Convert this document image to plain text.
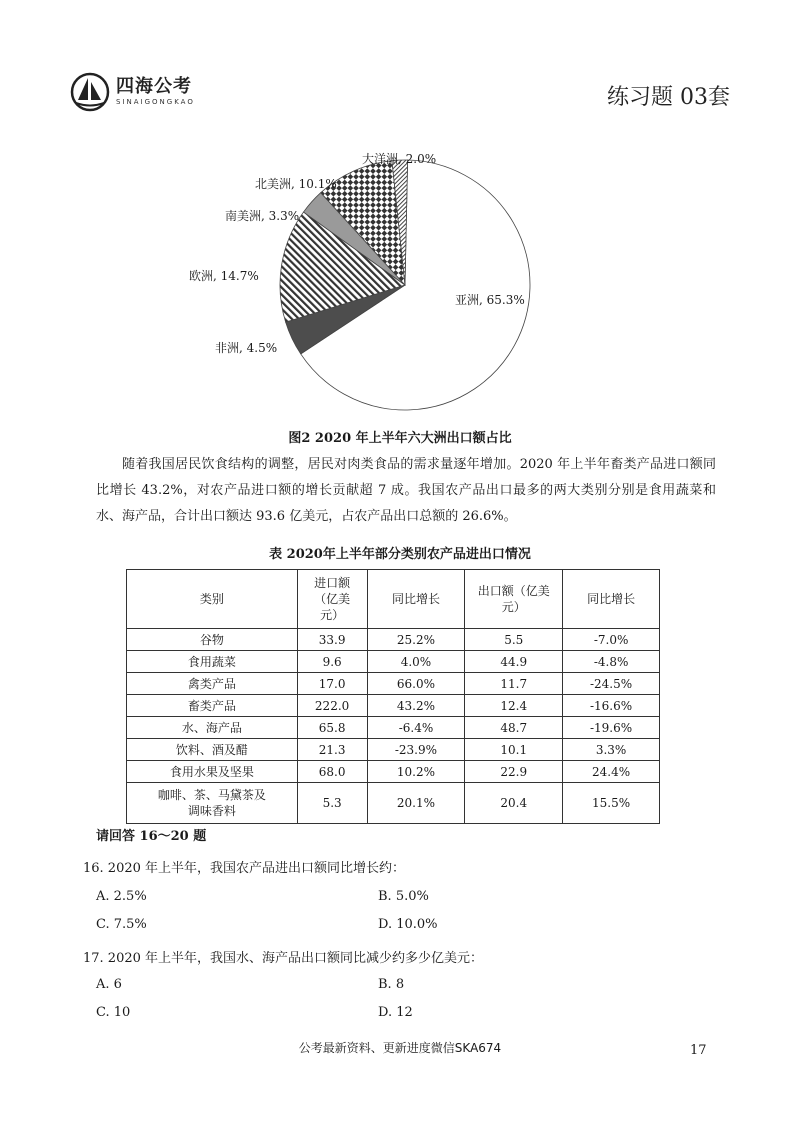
四海公考
SINAIGONGKAO	练习题 03套
亚洲, 65.3%
非洲, 4.5%
欧洲, 14.7%
南美洲, 3.3%
北美洲, 10.1%
大洋洲, 2.0%
图2 2020 年上半年六大洲出口额占比
随着我国居民饮食结构的调整，居民对肉类食品的需求量逐年增加。2020 年上半年畜类产品进口额同比增长 43.2%，对农产品进口额的增长贡献超 7 成。我国农产品出口最多的两大类别分别是食用蔬菜和水、海产品，合计出口额达 93.6 亿美元，占农产品出口总额的 26.6%。
表 2020年上半年部分类别农产品进出口情况
类别	进口额（亿美元）	同比增长	出口额（亿美元）	同比增长
谷物	33.9	25.2%	5.5	-7.0%
食用蔬菜	9.6	4.0%	44.9	-4.8%
禽类产品	17.0	66.0%	11.7	-24.5%
畜类产品	222.0	43.2%	12.4	-16.6%
水、海产品	65.8	-6.4%	48.7	-19.6%
饮料、酒及醋	21.3	-23.9%	10.1	3.3%
食用水果及坚果	68.0	10.2%	22.9	24.4%
咖啡、茶、马黛茶及调味香料	5.3	20.1%	20.4	15.5%
请回答 16～20 题
16. 2020 年上半年，我国农产品进出口额同比增长约：
A. 2.5%	B. 5.0%
C. 7.5%	D. 10.0%
17. 2020 年上半年，我国水、海产品出口额同比减少约多少亿美元：
A. 6	B. 8
C. 10	D. 12
公考最新资料、更新进度微信SKA674	17
